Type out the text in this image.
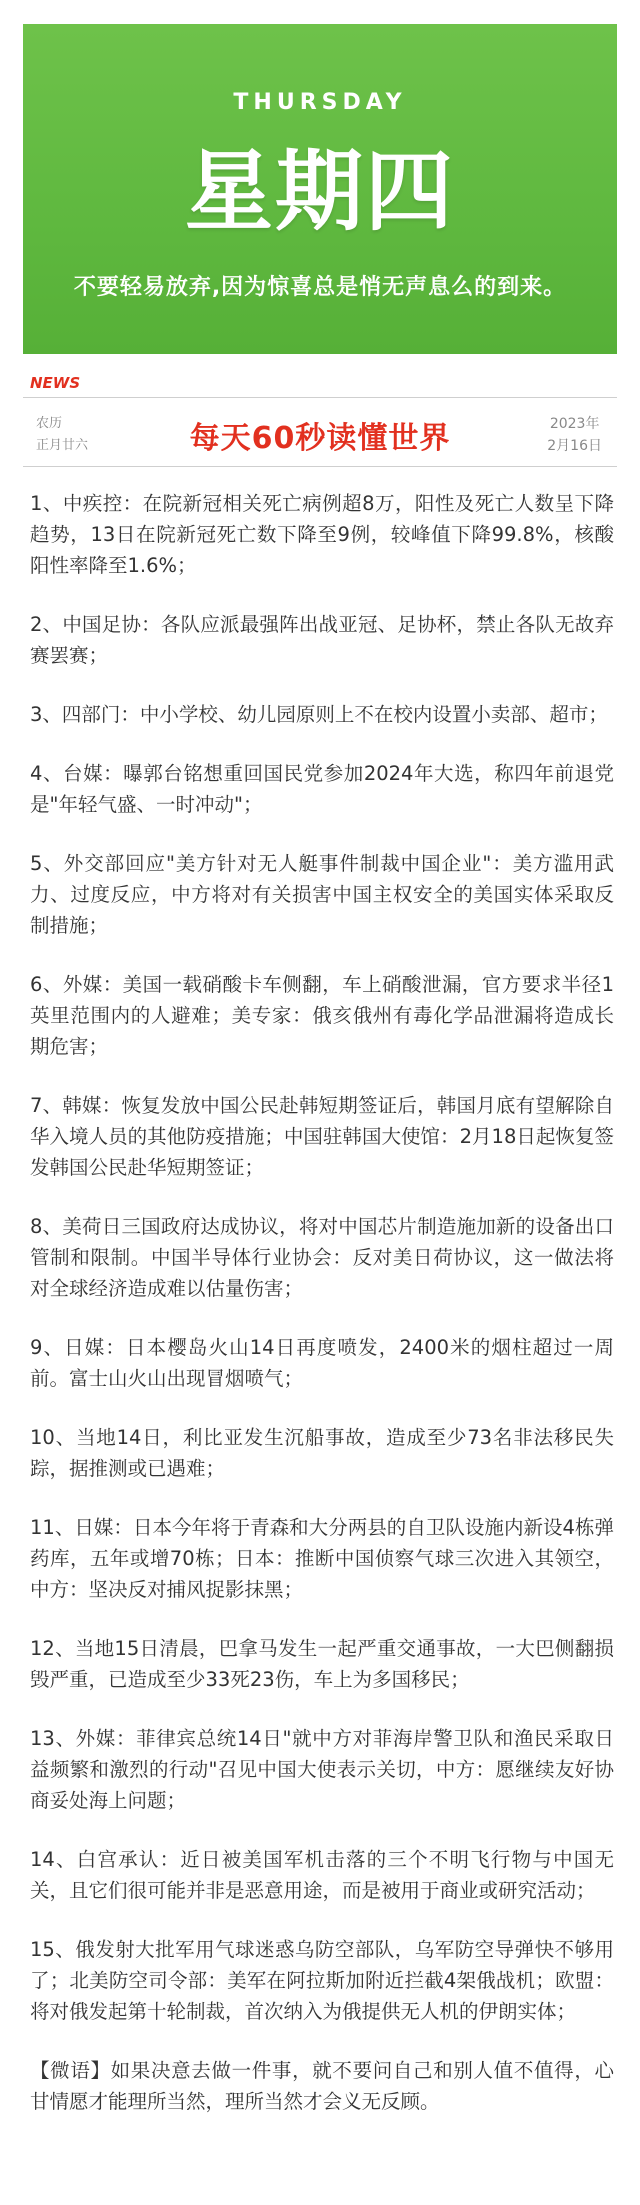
THURSDAY
星期四
不要轻易放弃,因为惊喜总是悄无声息么的到来。
NEWS
农历
正月廿六	每天60秒读懂世界	2023年
2月16日
1、中疾控：在院新冠相关死亡病例超8万，阳性及死亡人数呈下降趋势，13日在院新冠死亡数下降至9例，较峰值下降99.8%，核酸阳性率降至1.6%；
2、中国足协：各队应派最强阵出战亚冠、足协杯，禁止各队无故弃赛罢赛；
3、四部门：中小学校、幼儿园原则上不在校内设置小卖部、超市；
4、台媒：曝郭台铭想重回国民党参加2024年大选，称四年前退党是"年轻气盛、一时冲动"；
5、外交部回应"美方针对无人艇事件制裁中国企业"：美方滥用武力、过度反应，中方将对有关损害中国主权安全的美国实体采取反制措施；
6、外媒：美国一载硝酸卡车侧翻，车上硝酸泄漏，官方要求半径1英里范围内的人避难；美专家：俄亥俄州有毒化学品泄漏将造成长期危害；
7、韩媒：恢复发放中国公民赴韩短期签证后，韩国月底有望解除自华入境人员的其他防疫措施；中国驻韩国大使馆：2月18日起恢复签发韩国公民赴华短期签证；
8、美荷日三国政府达成协议，将对中国芯片制造施加新的设备出口管制和限制。中国半导体行业协会：反对美日荷协议，这一做法将对全球经济造成难以估量伤害；
9、日媒：日本樱岛火山14日再度喷发，2400米的烟柱超过一周前。富士山火山出现冒烟喷气；
10、当地14日，利比亚发生沉船事故，造成至少73名非法移民失踪，据推测或已遇难；
11、日媒：日本今年将于青森和大分两县的自卫队设施内新设4栋弹药库，五年或增70栋；日本：推断中国侦察气球三次进入其领空，中方：坚决反对捕风捉影抹黑；
12、当地15日清晨，巴拿马发生一起严重交通事故，一大巴侧翻损毁严重，已造成至少33死23伤，车上为多国移民；
13、外媒：菲律宾总统14日"就中方对菲海岸警卫队和渔民采取日益频繁和激烈的行动"召见中国大使表示关切，中方：愿继续友好协商妥处海上问题；
14、白宫承认：近日被美国军机击落的三个不明飞行物与中国无关，且它们很可能并非是恶意用途，而是被用于商业或研究活动；
15、俄发射大批军用气球迷惑乌防空部队，乌军防空导弹快不够用了；北美防空司令部：美军在阿拉斯加附近拦截4架俄战机；欧盟：将对俄发起第十轮制裁，首次纳入为俄提供无人机的伊朗实体；
【微语】如果决意去做一件事，就不要问自己和别人值不值得，心甘情愿才能理所当然，理所当然才会义无反顾。
